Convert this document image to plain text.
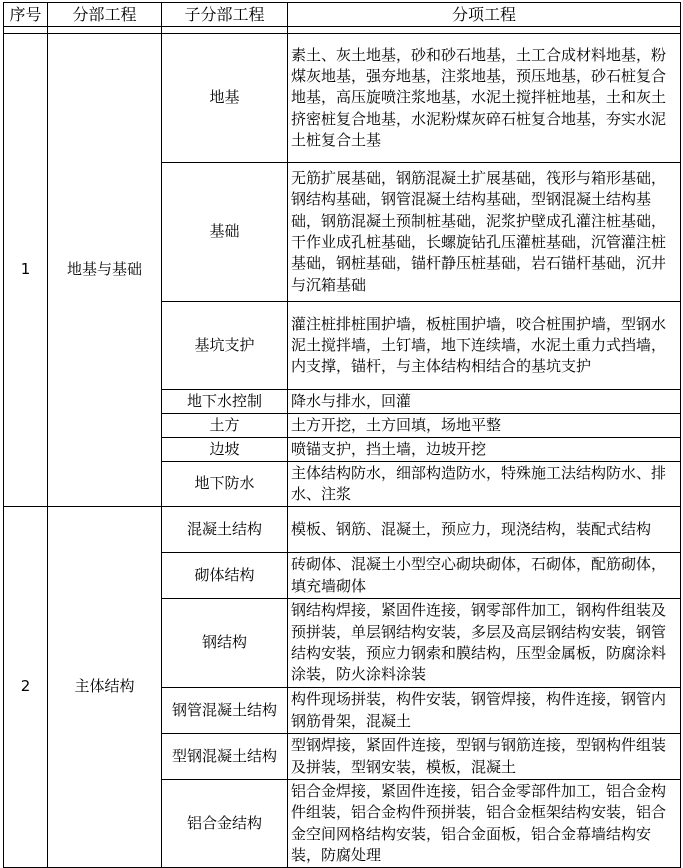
序号	分部工程	子分部工程	分项工程

1	地基与基础	地基	素土、灰土地基，砂和砂石地基，土工合成材料地基，粉煤灰地基，强夯地基，注浆地基，预压地基，砂石桩复合地基，高压旋喷注浆地基，水泥土搅拌桩地基，土和灰土挤密桩复合地基，水泥粉煤灰碎石桩复合地基，夯实水泥土桩复合土基
		基础	无筋扩展基础，钢筋混凝土扩展基础，筏形与箱形基础，钢结构基础，钢管混凝土结构基础，型钢混凝土结构基础，钢筋混凝土预制桩基础，泥浆护壁成孔灌注桩基础，干作业成孔桩基础，长螺旋钻孔压灌桩基础，沉管灌注桩基础，钢桩基础，锚杆静压桩基础，岩石锚杆基础，沉井与沉箱基础
		基坑支护	灌注桩排桩围护墙，板桩围护墙，咬合桩围护墙，型钢水泥土搅拌墙，土钉墙，地下连续墙，水泥土重力式挡墙，内支撑，锚杆，与主体结构相结合的基坑支护
		地下水控制	降水与排水，回灌
		土方	土方开挖，土方回填，场地平整
		边坡	喷锚支护，挡土墙，边坡开挖
		地下防水	主体结构防水，细部构造防水，特殊施工法结构防水、排水、注浆
2	主体结构	混凝土结构	模板、钢筋、混凝土，预应力，现浇结构，装配式结构
		砌体结构	砖砌体、混凝土小型空心砌块砌体，石砌体，配筋砌体，填充墙砌体
		钢结构	钢结构焊接，紧固件连接，钢零部件加工，钢构件组装及预拼装，单层钢结构安装，多层及高层钢结构安装，钢管结构安装，预应力钢索和膜结构，压型金属板，防腐涂料涂装，防火涂料涂装
		钢管混凝土结构	构件现场拼装，构件安装，钢管焊接，构件连接，钢管内钢筋骨架，混凝土
		型钢混凝土结构	型钢焊接，紧固件连接，型钢与钢筋连接，型钢构件组装及拼装，型钢安装，模板，混凝土
		铝合金结构	铝合金焊接，紧固件连接，铝合金零部件加工，铝合金构件组装，铝合金构件预拼装，铝合金框架结构安装，铝合金空间网格结构安装，铝合金面板，铝合金幕墙结构安装，防腐处理
